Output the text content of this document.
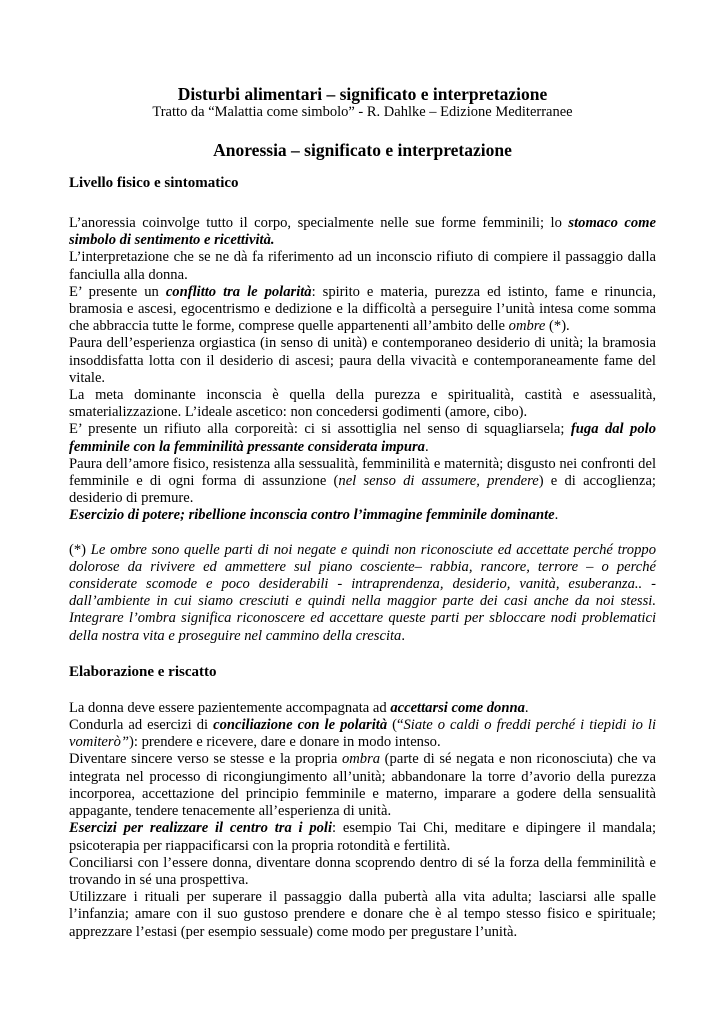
Disturbi alimentari – significato e interpretazione
Tratto da “Malattia come simbolo” - R. Dahlke – Edizione Mediterranee
Anoressia – significato e interpretazione
Livello fisico e sintomatico

L’anoressia coinvolge tutto il corpo, specialmente nelle sue forme femminili; lo stomaco come simbolo di sentimento e ricettività.

L’interpretazione che se ne dà fa riferimento ad un inconscio rifiuto di compiere il passaggio dalla fanciulla alla donna.

E’ presente un conflitto tra le polarità: spirito e materia, purezza ed istinto, fame e rinuncia, bramosia e ascesi, egocentrismo e dedizione e la difficoltà a perseguire l’unità intesa come somma che abbraccia tutte le forme, comprese quelle appartenenti all’ambito delle ombre (*).

Paura dell’esperienza orgiastica (in senso di unità) e contemporaneo desiderio di unità; la bramosia insoddisfatta lotta con il desiderio di ascesi; paura della vivacità e contemporaneamente fame del vitale.

La meta dominante inconscia è quella della purezza e spiritualità, castità e asessualità, smaterializzazione. L’ideale ascetico: non concedersi godimenti (amore, cibo).

E’ presente un rifiuto alla corporeità: ci si assottiglia nel senso di squagliarsela; fuga dal polo femminile con la femminilità pressante considerata impura.

Paura dell’amore fisico, resistenza alla sessualità, femminilità e maternità; disgusto nei confronti del femminile e di ogni forma di assunzione (nel senso di assumere, prendere) e di accoglienza; desiderio di premure.

Esercizio di potere; ribellione inconscia contro l’immagine femminile dominante.

(*) Le ombre sono quelle parti di noi negate e quindi non riconosciute ed accettate perché troppo dolorose da rivivere ed ammettere sul piano cosciente– rabbia, rancore, terrore – o perché considerate scomode e poco desiderabili - intraprendenza, desiderio, vanità, esuberanza.. - dall’ambiente in cui siamo cresciuti e quindi nella maggior parte dei casi anche da noi stessi. Integrare l’ombra significa riconoscere ed accettare queste parti per sbloccare nodi problematici della nostra vita e proseguire nel cammino della crescita.

Elaborazione e riscatto

La donna deve essere pazientemente accompagnata ad accettarsi come donna.

Condurla ad esercizi di conciliazione con le polarità (“Siate o caldi o freddi perché i tiepidi io li vomiterò”): prendere e ricevere, dare e donare in modo intenso.

Diventare sincere verso se stesse e la propria ombra (parte di sé negata e non riconosciuta) che va integrata nel processo di ricongiungimento all’unità; abbandonare la torre d’avorio della purezza incorporea, accettazione del principio femminile e materno, imparare a godere della sensualità appagante, tendere tenacemente all’esperienza di unità.

Esercizi per realizzare il centro tra i poli: esempio Tai Chi, meditare e dipingere il mandala; psicoterapia per riappacificarsi con la propria rotondità e fertilità.

Conciliarsi con l’essere donna, diventare donna scoprendo dentro di sé la forza della femminilità e trovando in sé una prospettiva.

Utilizzare i rituali per superare il passaggio dalla pubertà alla vita adulta; lasciarsi alle spalle l’infanzia; amare con il suo gustoso prendere e donare che è al tempo stesso fisico e spirituale; apprezzare l’estasi (per esempio sessuale) come modo per pregustare l’unità.
